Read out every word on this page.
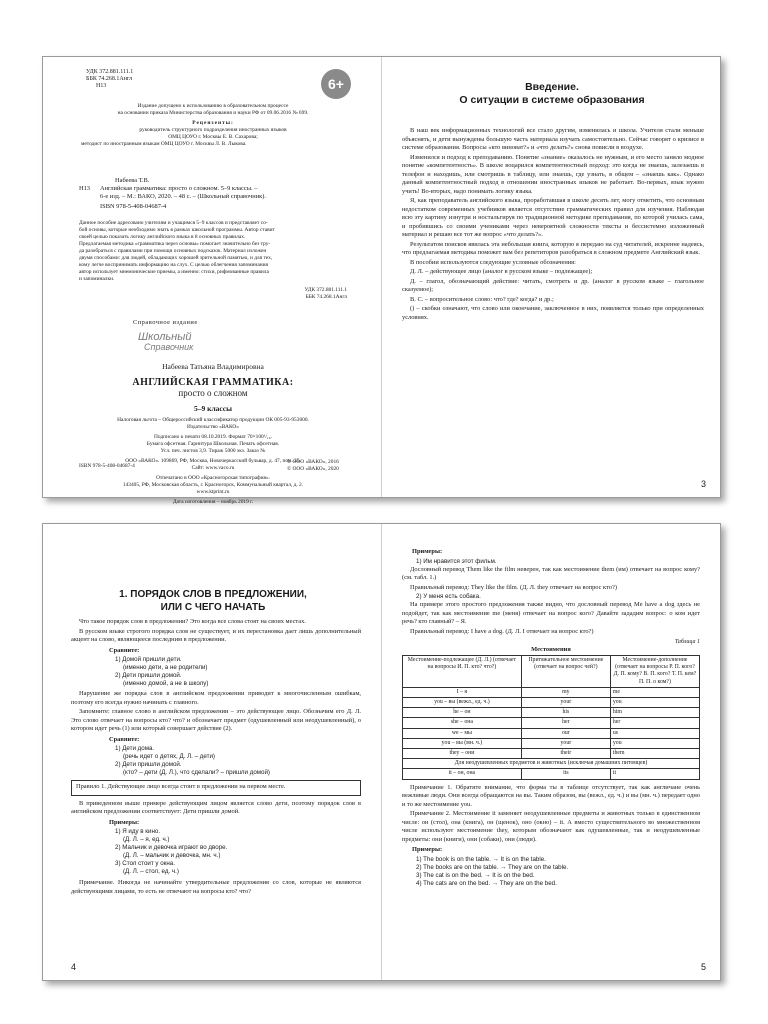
УДК 372.881.111.1

ББК 74.268.1Англ

Н13	6+

Издание допущено к использованию в образовательном процессе

на основании приказа Министерства образования и науки РФ от 09.06.2016 № 699.

Рецензенты:

руководитель структурного подразделения иностранных языков

ОМЦ ЦОУО г. Москвы Е. В. Сахарова;

методист по иностранным языкам ОМЦ ЦОУО г. Москвы Л. В. Лыкова.

Набеева Т.В.

Н13 Английская грамматика: просто о сложном. 5–9 классы. –

6-е изд. – М.: ВАКО, 2020. – 48 с. – (Школьный справочник).

ISBN 978-5-408-04687-4

Данное пособие адресовано учителям и учащимся 5–9 классов и представляет со-

бой основы, которые необходимо знать в рамках школьной программы. Автор ставит

своей целью показать логику английского языка в 8 основных правилах.

Предлагаемая методика «грамматика через основы» помогает значительно без тру-

да разобраться с правилами при помощи основных подсказок. Материал изложен

двумя способами: для людей, обладающих хорошей зрительной памятью, и для тех,

кому легче воспринимать информацию на слух. С целью облегчения запоминания

автор использует мнемонические приемы, а именно: стихи, рифмованные правила

и запоминалки.

УДК 372.881.111.1

ББК 74.268.1Англ

Справочное издание

Школьный
Справочник

Набеева Татьяна Владимировна

АНГЛИЙСКАЯ ГРАММАТИКА:

просто о сложном

5–9 классы

Налоговая льгота – Общероссийский классификатор продукции ОК 005-93-953000.

Издательство «ВАКО»

Подписано к печати 08.10.2019. Формат 70×100¹/₁₆.

Бумага офсетная. Гарнитура Школьная. Печать офсетная.

Усл. печ. листов 3,9. Тираж 5000 экз. Заказ №

ООО «ВАКО». 109869, РФ, Москва, Новочеркасский бульвар, д. 47, пом. 25.

Сайт: www.vaco.ru

Отпечатано в ООО «Красногорская типография».

143405, РФ, Московская область, г. Красногорск, Коммунальный квартал, д. 2.

www.ktprint.ru

Дата изготовления – ноябрь 2019 г.

ISBN 978-5-408-04687-4

© ООО «ВАКО», 2016

© ООО «ВАКО», 2020

Введение.

О ситуации в системе образования

В наш век информационных технологий все стало другим, изменилась и школа. Учителя стали меньше объяснять, и дети вынуждены большую часть материала изучать самостоятельно. Сейчас говорят о кризисе в системе образования. Вопросы «кто виноват?» и «что делать?» снова повисли в воздухе.

Изменился и подход к преподаванию. Понятие «знание» оказалось не нужным, и его место заняло модное понятие «компетентность». В школе воцарился компетентностный подход: это когда не знаешь, залезаешь в телефон и находишь, или смотришь в таблицу, или знаешь, где узнать, в общем – «знаешь как». Однако данный компетентностный подход в отношении иностранных языков не работает. Во-первых, язык нужно учить! Во-вторых, надо понимать логику языка.

Я, как преподаватель английского языка, проработавшая в школе десять лет, могу отметить, что основным недостатком современных учебников является отсутствие грамматических правил для изучения. Наблюдая всю эту картину изнутри и ностальгируя по традиционной методике преподавания, по которой училась сама, и пробившись со своими учениками через невероятной сложности тексты и бессистемно изложенный материал и решаю все тот же вопрос «что делать?».

Результатом поисков явилась эта небольшая книга, которую я передаю на суд читателей, искренне надеясь, что предлагаемая методика поможет вам без репетиторов разобраться в сложном предмете Английский язык.

В пособии используются следующие условные обозначения:

Д. Л. – действующее лицо (аналог в русском языке – подлежащее);

Д. – глагол, обозначающий действие: читать, смотреть и др. (аналог в русском языке – глагольное сказуемое);

В. С. – вопросительное слово: что? где? когда? и др.;

() – скобки означают, что слово или окончание, заключенное в них, появляется только при определенных условиях.

3

1. ПОРЯДОК СЛОВ В ПРЕДЛОЖЕНИИ,

ИЛИ С ЧЕГО НАЧАТЬ

Что такое порядок слов в предложении? Это когда все слова стоят на своих местах.

В русском языке строгого порядка слов не существует, и их перестановка дает лишь дополнительный акцент на слово, являющееся последним в предложении.

Сравните:

1) Домой пришли дети.

(именно дети, а не родители)

2) Дети пришли домой.

(именно домой, а не в школу)

Нарушение же порядка слов в английском предложении приводит к многочисленным ошибкам, поэтому его всегда нужно начинать с главного.

Запомните: главное слово в английском предложении – это действующее лицо. Обозначим его Д. Л. Это слово отвечает на вопросы кто? что? и обозначает предмет (одушевленный или неодушевленный), о котором идет речь (1) или который совершает действие (2).

Сравните:

1) Дети дома.

(речь идет о детях, Д. Л. – дети)

2) Дети пришли домой.

(кто? – дети (Д. Л.), что сделали? – пришли домой)

Правило 1. Действующее лицо всегда стоит в предложении на первом месте.

В приведенном выше примере действующим лицом является слово дети, поэтому порядок слов в английском предложении соответствует: Дети пришли домой.

Примеры:

1) Я иду в кино.

(Д. Л. – я, ед. ч.)

2) Мальчик и девочка играют во дворе.

(Д. Л. – мальчик и девочка, мн. ч.)

3) Стол стоит у окна.

(Д. Л. – стол, ед. ч.)

Примечание. Никогда не начинайте утвердительные предложения со слов, которые не являются действующими лицами, то есть не отвечают на вопросы кто? что?

4

Примеры:

1) Им нравится этот фильм.

Дословный перевод Them like the film неверен, так как местоимение them (им) отвечает на вопрос кому? (см. табл. 1.)

Правильный перевод: They like the film. (Д. Л. they отвечает на вопрос кто?)

2) У меня есть собака.

На примере этого простого предложения также видно, что дословный перевод Me have a dog здесь не подойдет, так как местоимение me (меня) отвечает на вопрос кого? Давайте зададим вопрос: о ком идет речь? кто главный? – Я.

Правильный перевод: I have a dog. (Д. Л. I отвечает на вопрос кто?)

Таблица 1

Местоимения

Местоимение-подлежащее (Д. Л.) (отвечает на вопросы И. П. кто? что?)	Притяжательное местоимение (отвечает на вопрос чей?)	Местоимение-дополнение (отвечает на вопросы Р. П. кого? Д. П. кому? В. П. кого? Т. П. кем? П. П. о ком?)
I – я	my	me
you – вы (вежл., ед. ч.)	your	you
he – он	his	him
she – она	her	her
we – мы	our	us
you – вы (мн. ч.)	your	you
they – они	their	them
Для неодушевленных предметов и животных (исключая домашних питомцев)		
it – он, она	its	it

Примечание 1. Обратите внимание, что форма ты в таблице отсутствует, так как англичане очень вежливые люди. Они всегда обращаются на вы. Таким образом, вы (вежл., ед. ч.) и вы (мн. ч.) передает одно и то же местоимение you.

Примечание 2. Местоимение it заменяет неодушевленные предметы и животных только в единственном числе: он (стол), она (книга), он (щенок), оно (окно) – it. А вместо существительного во множественном числе используют местоимение they, которым обозначают как одушевленные, так и неодушевленные предметы: они (книги), они (собаки), они (люди).

Примеры:

1) The book is on the table. → It is on the table.

2) The books are on the table. → They are on the table.

3) The cat is on the bed. → It is on the bed.

4) The cats are on the bed. → They are on the bed.

5
